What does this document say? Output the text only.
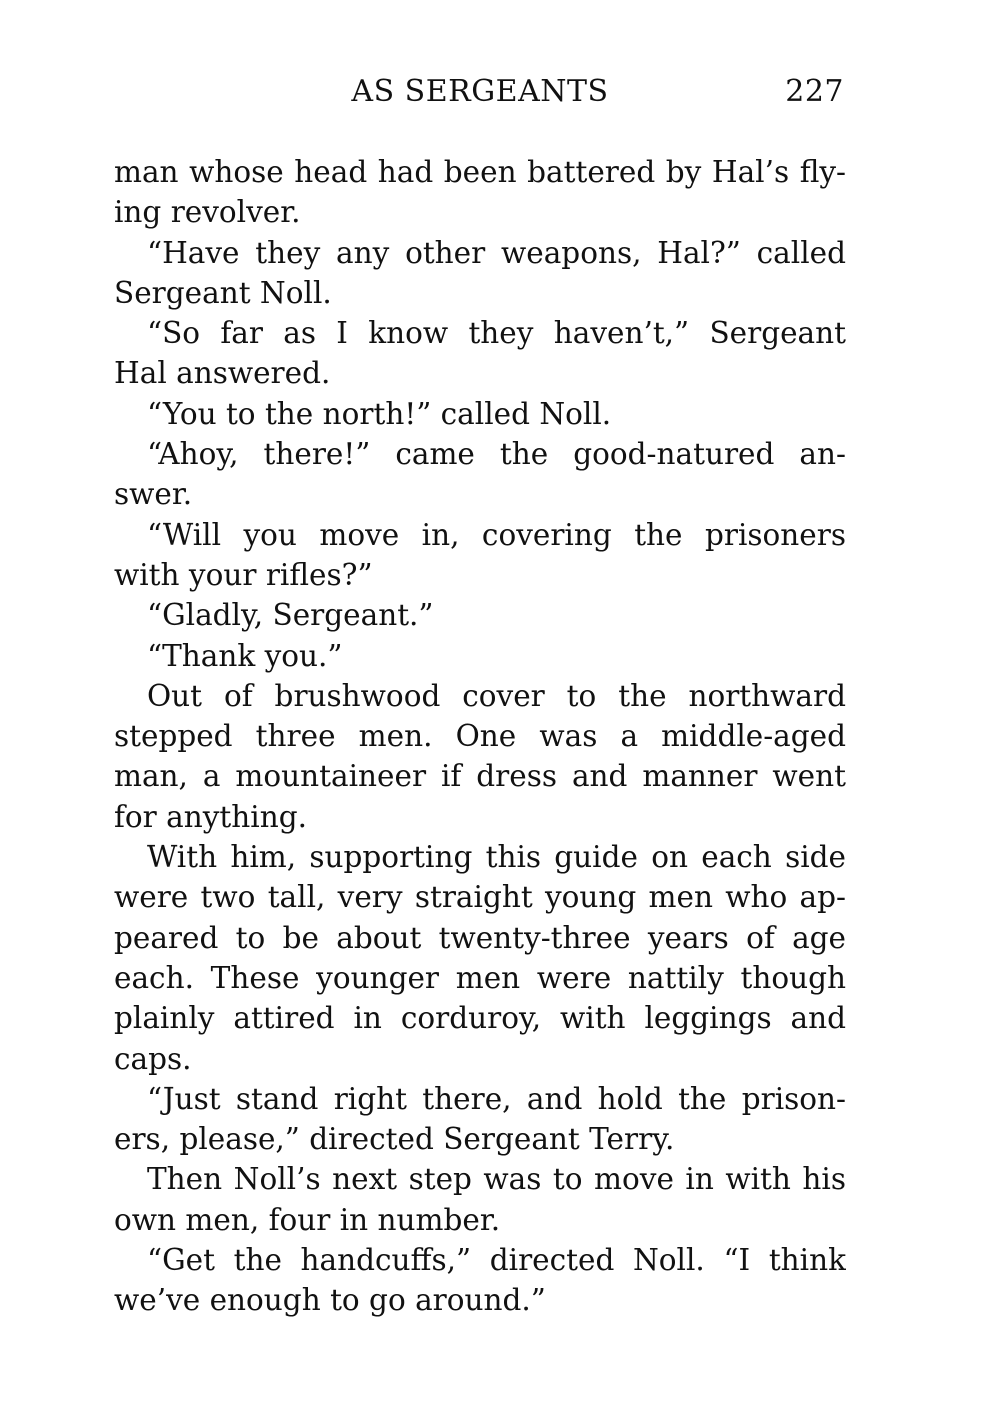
AS SERGEANTS	227
man whose head had been battered by Hal’s fly-
ing revolver.
“Have they any other weapons, Hal?” called
Sergeant Noll.
“So far as I know they haven’t,” Sergeant
Hal answered.
“You to the north!” called Noll.
“Ahoy, there!” came the good-natured an-
swer.
“Will you move in, covering the prisoners
with your rifles?”
“Gladly, Sergeant.”
“Thank you.”
Out of brushwood cover to the northward
stepped three men. One was a middle-aged
man, a mountaineer if dress and manner went
for anything.
With him, supporting this guide on each side
were two tall, very straight young men who ap-
peared to be about twenty-three years of age
each. These younger men were nattily though
plainly attired in corduroy, with leggings and
caps.
“Just stand right there, and hold the prison-
ers, please,” directed Sergeant Terry.
Then Noll’s next step was to move in with his
own men, four in number.
“Get the handcuffs,” directed Noll. “I think
we’ve enough to go around.”
